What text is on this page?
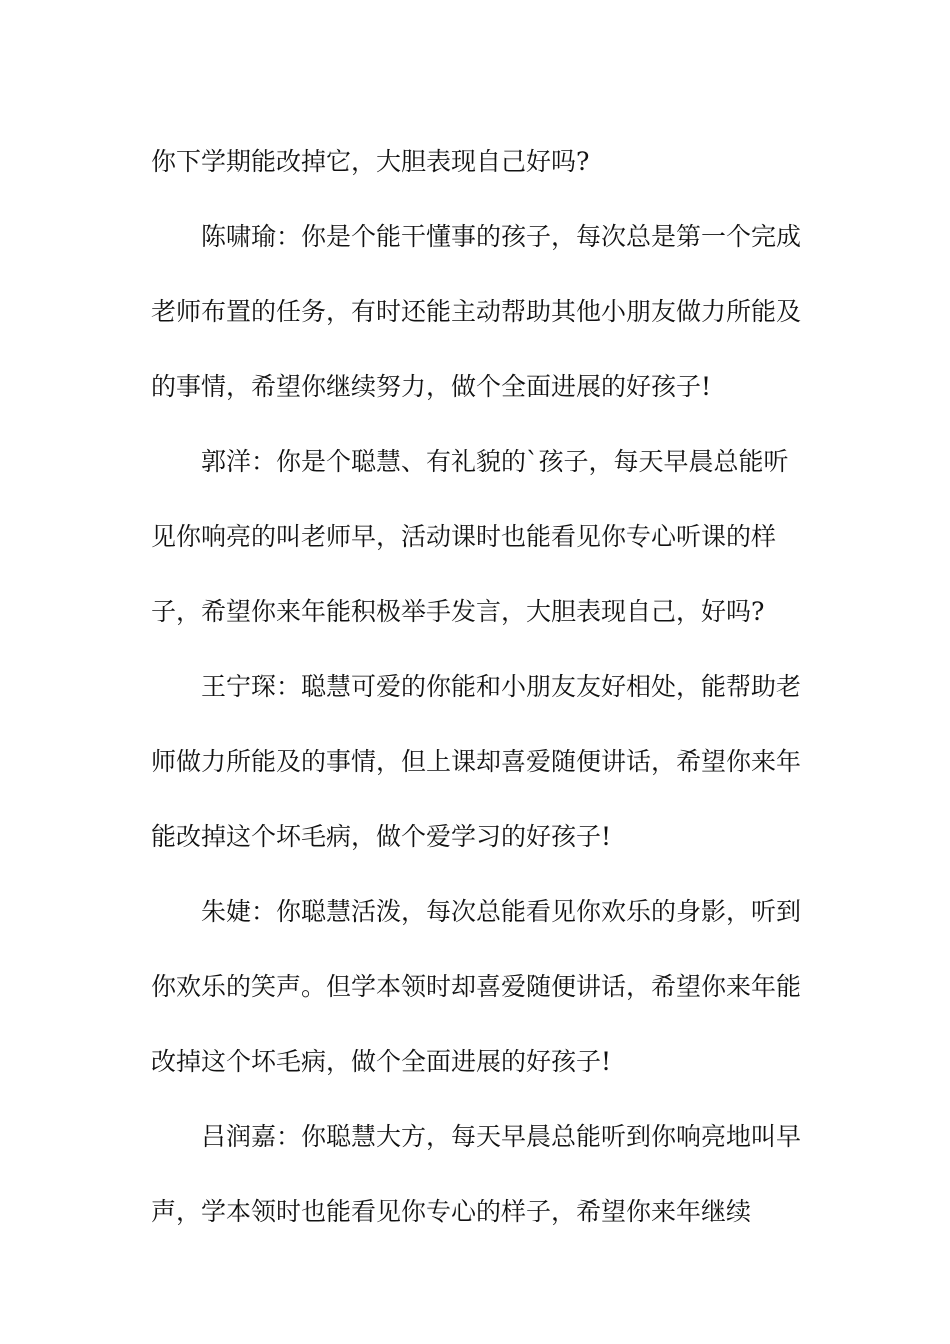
你下学期能改掉它，大胆表现自己好吗?

陈啸瑜：你是个能干懂事的孩子，每次总是第一个完成老师布置的任务，有时还能主动帮助其他小朋友做力所能及的事情，希望你继续努力，做个全面进展的好孩子!

郭洋：你是个聪慧、有礼貌的`孩子，每天早晨总能听见你响亮的叫老师早，活动课时也能看见你专心听课的样子，希望你来年能积极举手发言，大胆表现自己，好吗?

王宁琛：聪慧可爱的你能和小朋友友好相处，能帮助老师做力所能及的事情，但上课却喜爱随便讲话，希望你来年能改掉这个坏毛病，做个爱学习的好孩子!

朱婕：你聪慧活泼，每次总能看见你欢乐的身影，听到你欢乐的笑声。但学本领时却喜爱随便讲话，希望你来年能改掉这个坏毛病，做个全面进展的好孩子!

吕润嘉：你聪慧大方，每天早晨总能听到你响亮地叫早声，学本领时也能看见你专心的样子，希望你来年继续
